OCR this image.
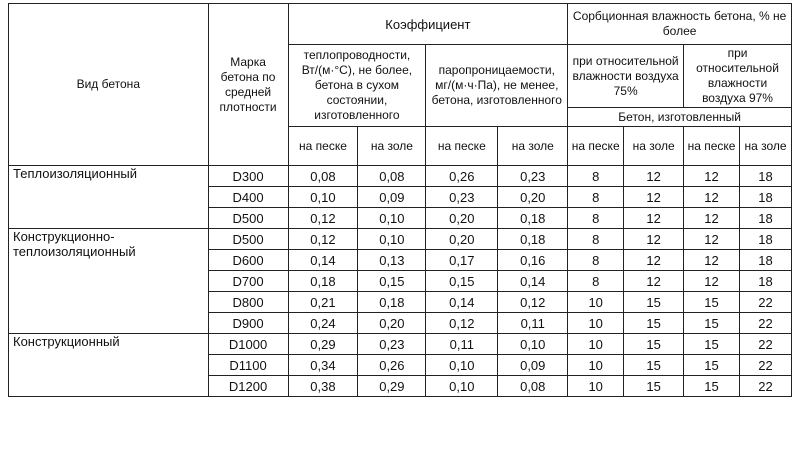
Вид бетона	Марка бетона по средней плотности	Коэффициент				Сорбционная влажность бетона, % не более			
		теплопроводности, Вт/(м·°С), не более, бетона в сухом состоянии, изготовленного		паропроницаемости, мг/(м·ч·Па), не менее, бетона, изготовленного		при относительной влажности воздуха 75%		при относительной влажности воздуха 97%	
						Бетон, изготовленный			
		на песке	на золе	на песке	на золе	на песке	на золе	на песке	на золе
Теплоизоляционный	D300	0,08	0,08	0,26	0,23	8	12	12	18
	D400	0,10	0,09	0,23	0,20	8	12	12	18
	D500	0,12	0,10	0,20	0,18	8	12	12	18
Конструкционно-теплоизоляционный	D500	0,12	0,10	0,20	0,18	8	12	12	18
	D600	0,14	0,13	0,17	0,16	8	12	12	18
	D700	0,18	0,15	0,15	0,14	8	12	12	18
	D800	0,21	0,18	0,14	0,12	10	15	15	22
	D900	0,24	0,20	0,12	0,11	10	15	15	22
Конструкционный	D1000	0,29	0,23	0,11	0,10	10	15	15	22
	D1100	0,34	0,26	0,10	0,09	10	15	15	22
	D1200	0,38	0,29	0,10	0,08	10	15	15	22
